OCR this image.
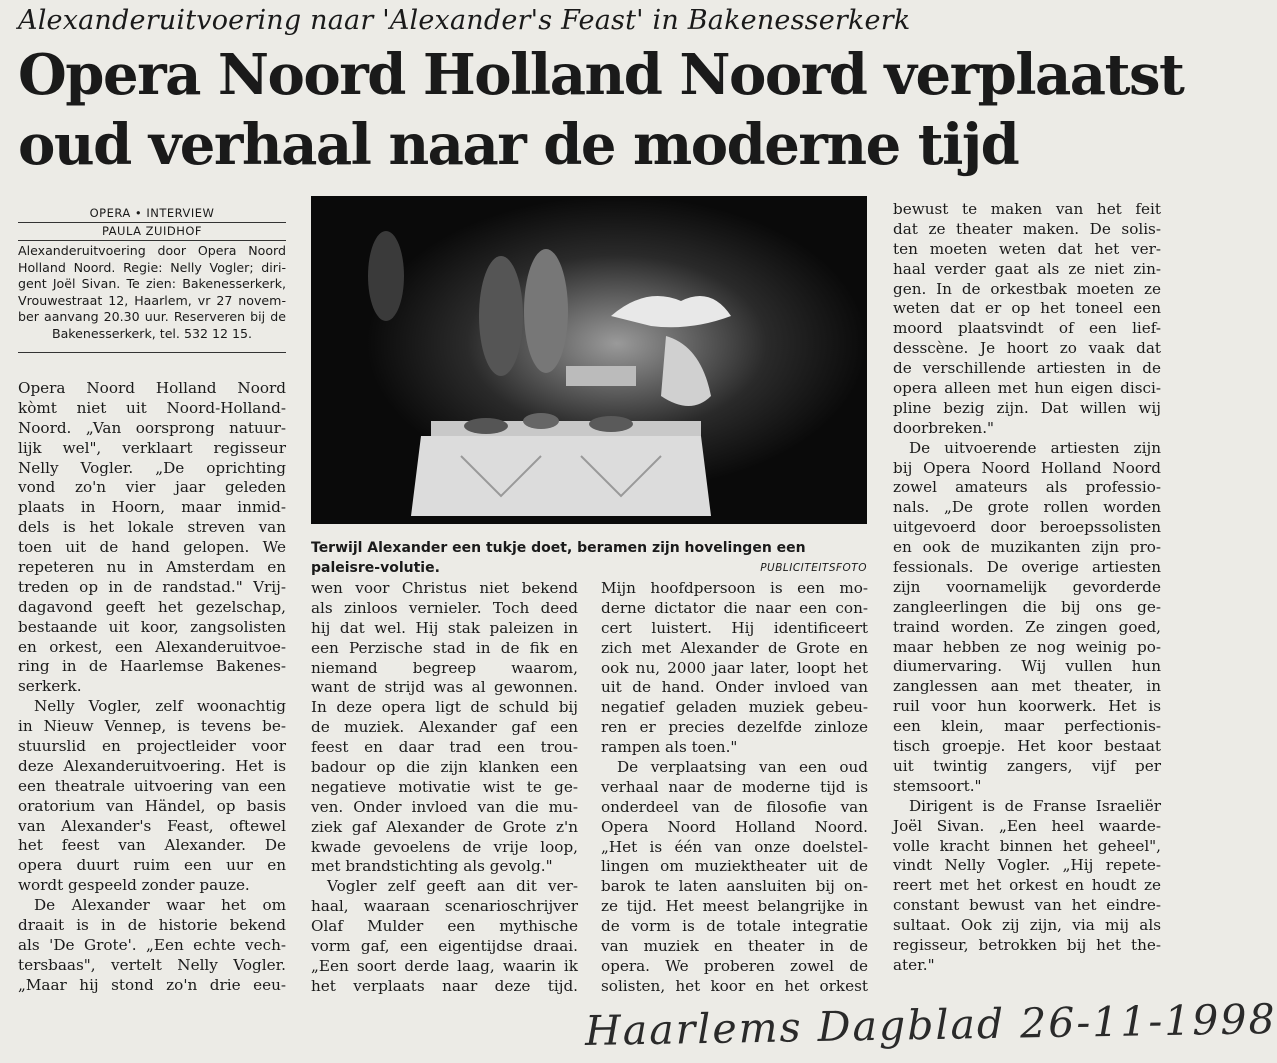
Alexanderuitvoering naar 'Alexander's Feast' in Bakenesserkerk
Opera Noord Holland Noord verplaatst
oud verhaal naar de moderne tijd
OPERA • INTERVIEW
PAULA ZUIDHOF
Alexanderuitvoering door Opera Noord
Holland Noord. Regie: Nelly Vogler; diri-
gent Joël Sivan. Te zien: Bakenesserkerk,
Vrouwestraat 12, Haarlem, vr 27 novem-
ber aanvang 20.30 uur. Reserveren bij de
Bakenesserkerk, tel. 532 12 15.
Terwijl Alexander een tukje doet, beramen zijn hovelingen een paleisre-volutie.	PUBLICITEITSFOTO
Opera Noord Holland Noord
kòmt niet uit Noord-Holland-
Noord. „Van oorsprong natuur-
lijk wel", verklaart regisseur
Nelly Vogler. „De oprichting
vond zo'n vier jaar geleden
plaats in Hoorn, maar inmid-
dels is het lokale streven van
toen uit de hand gelopen. We
repeteren nu in Amsterdam en
treden op in de randstad." Vrij-
dagavond geeft het gezelschap,
bestaande uit koor, zangsolisten
en orkest, een Alexanderuitvoe-
ring in de Haarlemse Bakenes-
serkerk.
Nelly Vogler, zelf woonachtig
in Nieuw Vennep, is tevens be-
stuurslid en projectleider voor
deze Alexanderuitvoering. Het is
een theatrale uitvoering van een
oratorium van Händel, op basis
van Alexander's Feast, oftewel
het feest van Alexander. De
opera duurt ruim een uur en
wordt gespeeld zonder pauze.
De Alexander waar het om
draait is in de historie bekend
als 'De Grote'. „Een echte vech-
tersbaas", vertelt Nelly Vogler.
„Maar hij stond zo'n drie eeu-
wen voor Christus niet bekend
als zinloos vernieler. Toch deed
hij dat wel. Hij stak paleizen in
een Perzische stad in de fik en
niemand begreep waarom,
want de strijd was al gewonnen.
In deze opera ligt de schuld bij
de muziek. Alexander gaf een
feest en daar trad een trou-
badour op die zijn klanken een
negatieve motivatie wist te ge-
ven. Onder invloed van die mu-
ziek gaf Alexander de Grote z'n
kwade gevoelens de vrije loop,
met brandstichting als gevolg."
Vogler zelf geeft aan dit ver-
haal, waaraan scenarioschrijver
Olaf Mulder een mythische
vorm gaf, een eigentijdse draai.
„Een soort derde laag, waarin ik
het verplaats naar deze tijd.
Mijn hoofdpersoon is een mo-
derne dictator die naar een con-
cert luistert. Hij identificeert
zich met Alexander de Grote en
ook nu, 2000 jaar later, loopt het
uit de hand. Onder invloed van
negatief geladen muziek gebeu-
ren er precies dezelfde zinloze
rampen als toen."
De verplaatsing van een oud
verhaal naar de moderne tijd is
onderdeel van de filosofie van
Opera Noord Holland Noord.
„Het is één van onze doelstel-
lingen om muziektheater uit de
barok te laten aansluiten bij on-
ze tijd. Het meest belangrijke in
de vorm is de totale integratie
van muziek en theater in de
opera. We proberen zowel de
solisten, het koor en het orkest
bewust te maken van het feit
dat ze theater maken. De solis-
ten moeten weten dat het ver-
haal verder gaat als ze niet zin-
gen. In de orkestbak moeten ze
weten dat er op het toneel een
moord plaatsvindt of een lief-
desscène. Je hoort zo vaak dat
de verschillende artiesten in de
opera alleen met hun eigen disci-
pline bezig zijn. Dat willen wij
doorbreken."
De uitvoerende artiesten zijn
bij Opera Noord Holland Noord
zowel amateurs als professio-
nals. „De grote rollen worden
uitgevoerd door beroepssolisten
en ook de muzikanten zijn pro-
fessionals. De overige artiesten
zijn voornamelijk gevorderde
zangleerlingen die bij ons ge-
traind worden. Ze zingen goed,
maar hebben ze nog weinig po-
diumervaring. Wij vullen hun
zanglessen aan met theater, in
ruil voor hun koorwerk. Het is
een klein, maar perfectionis-
tisch groepje. Het koor bestaat
uit twintig zangers, vijf per
stemsoort."
Dirigent is de Franse Israeliër
Joël Sivan. „Een heel waarde-
volle kracht binnen het geheel",
vindt Nelly Vogler. „Hij repete-
reert met het orkest en houdt ze
constant bewust van het eindre-
sultaat. Ook zij zijn, via mij als
regisseur, betrokken bij het the-
ater."
Haarlems Dagblad 26-11-1998
